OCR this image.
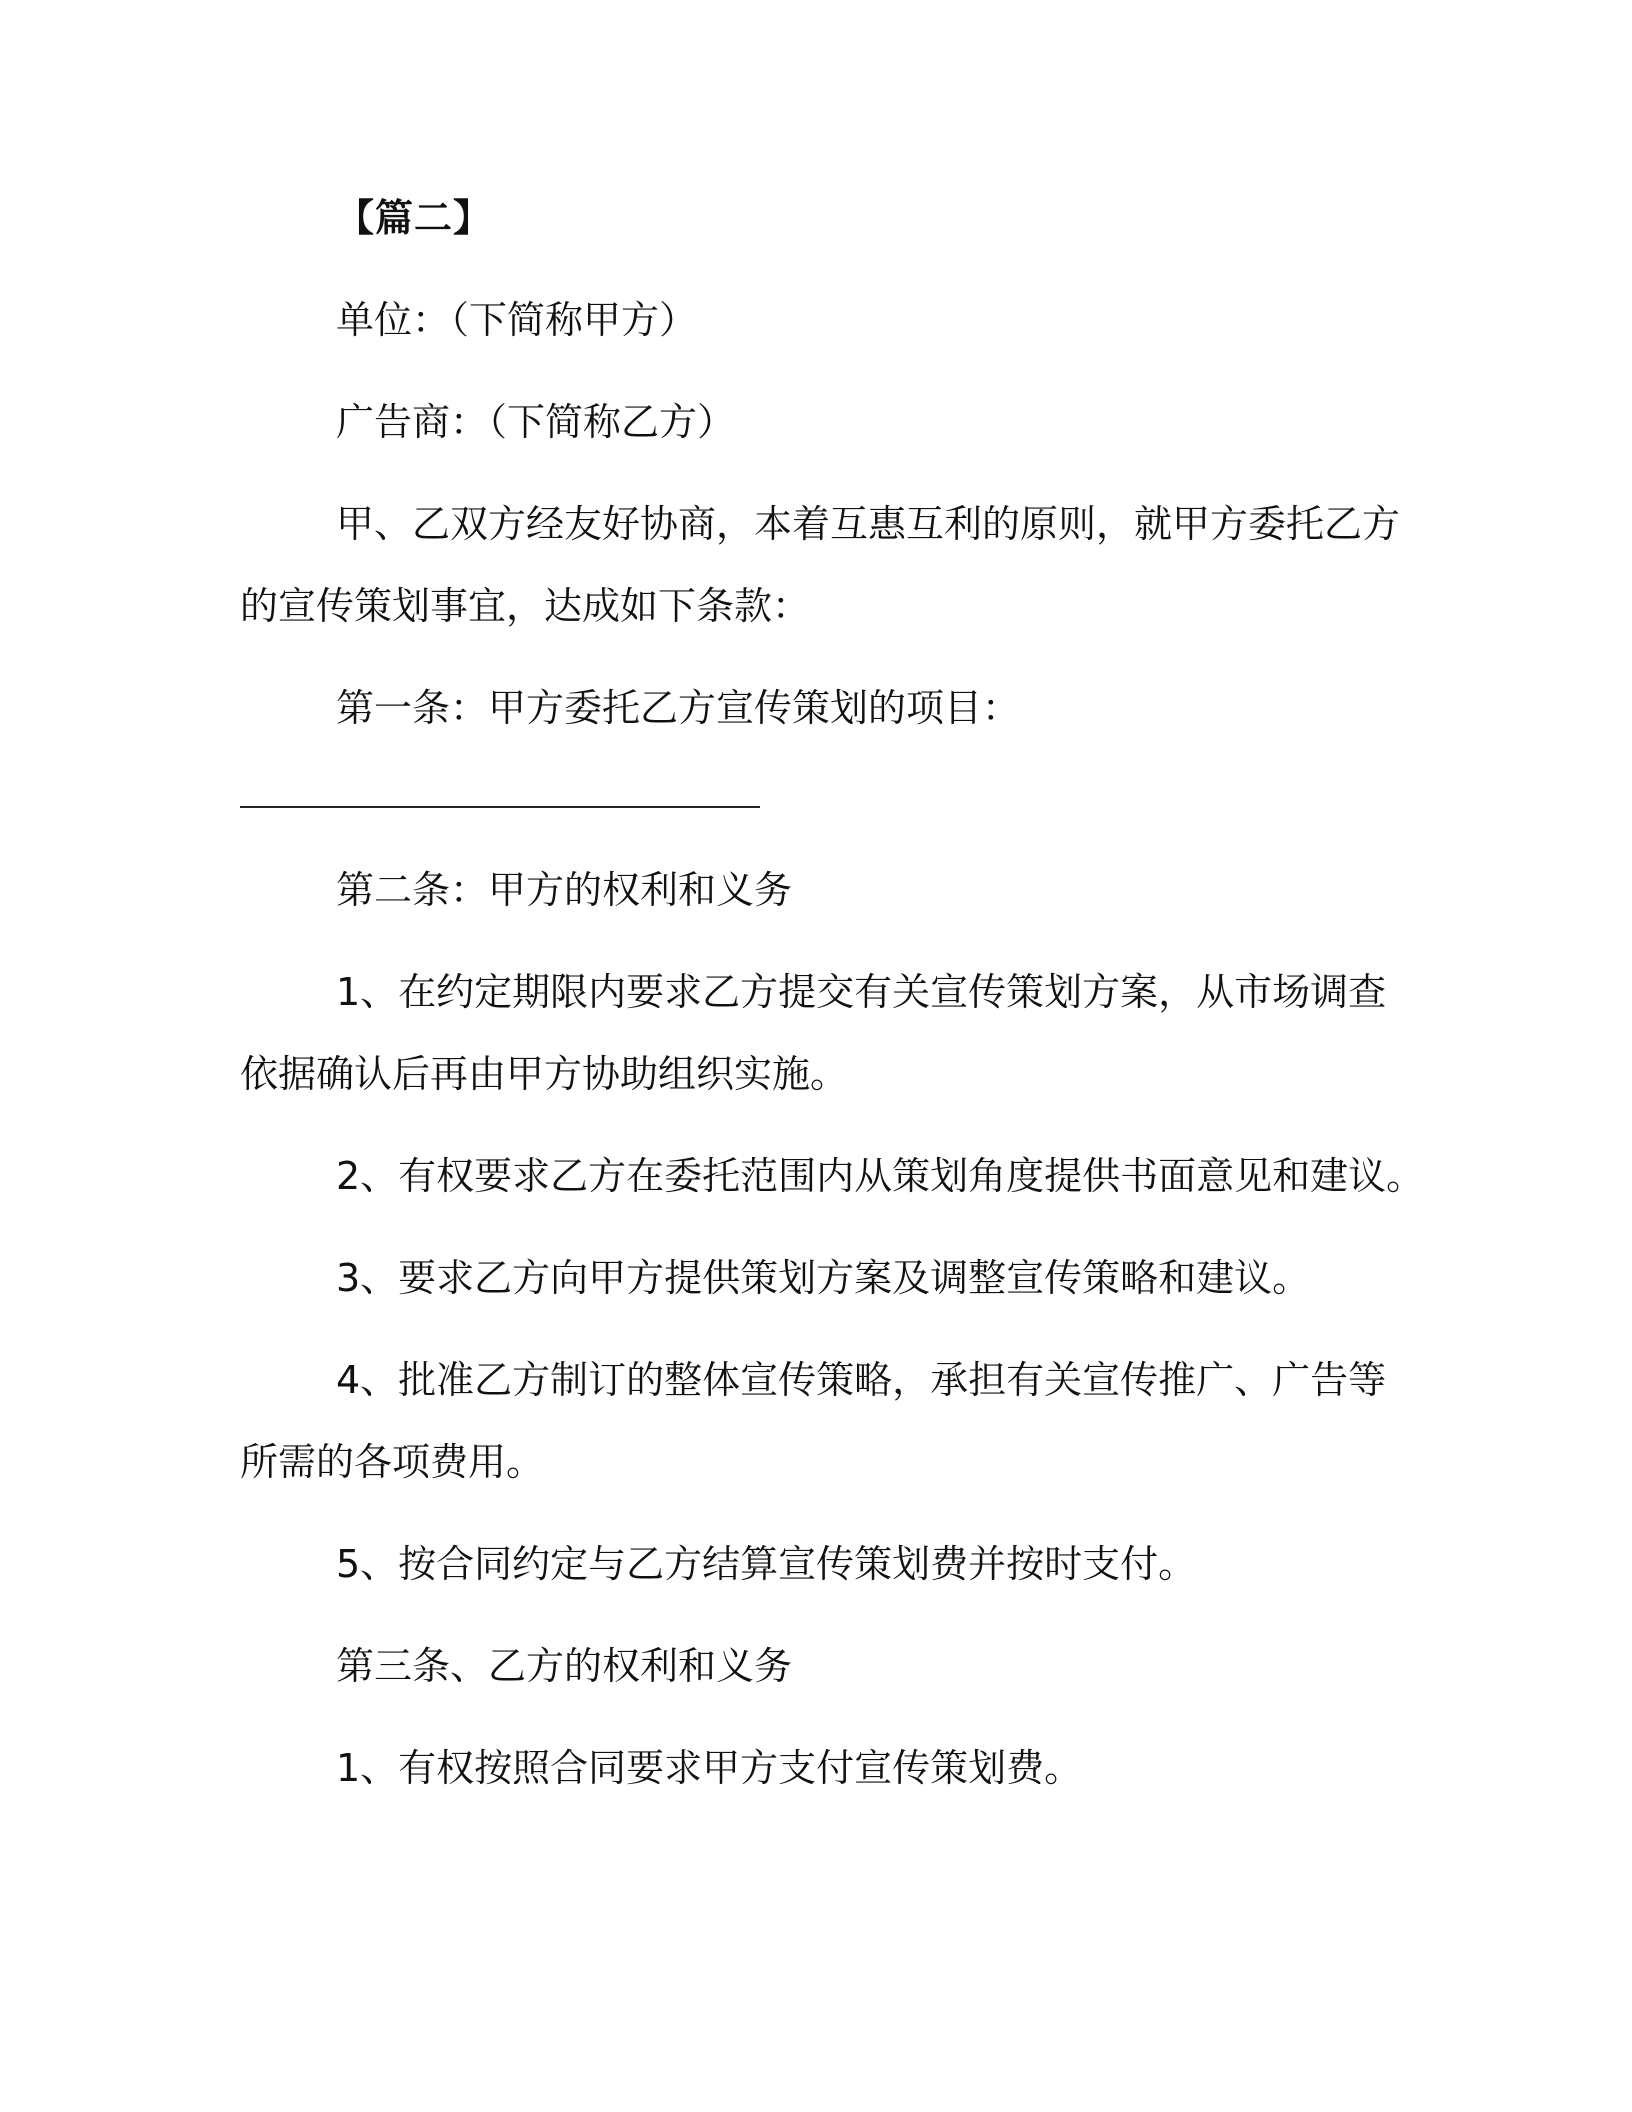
【篇二】

单位：（下简称甲方）

广告商：（下简称乙方）

甲、乙双方经友好协商，本着互惠互利的原则，就甲方委托乙方

的宣传策划事宜，达成如下条款：

第一条：甲方委托乙方宣传策划的项目：

第二条：甲方的权利和义务

1、在约定期限内要求乙方提交有关宣传策划方案，从市场调查

依据确认后再由甲方协助组织实施。

2、有权要求乙方在委托范围内从策划角度提供书面意见和建议。

3、要求乙方向甲方提供策划方案及调整宣传策略和建议。

4、批准乙方制订的整体宣传策略，承担有关宣传推广、广告等

所需的各项费用。

5、按合同约定与乙方结算宣传策划费并按时支付。

第三条、乙方的权利和义务

1、有权按照合同要求甲方支付宣传策划费。
